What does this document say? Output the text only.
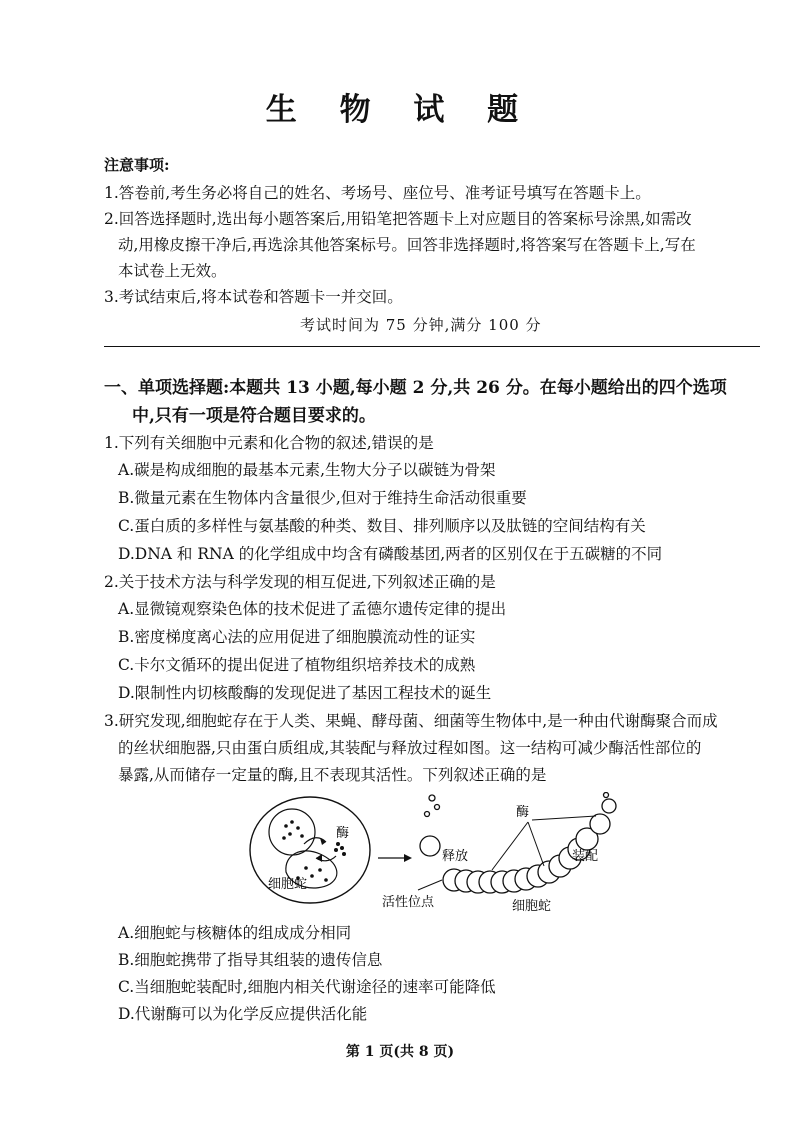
生 物 试 题
注意事项:
1.答卷前,考生务必将自己的姓名、考场号、座位号、准考证号填写在答题卡上。
2.回答选择题时,选出每小题答案后,用铅笔把答题卡上对应题目的答案标号涂黑,如需改
动,用橡皮擦干净后,再选涂其他答案标号。回答非选择题时,将答案写在答题卡上,写在
本试卷上无效。
3.考试结束后,将本试卷和答题卡一并交回。
考试时间为 75 分钟,满分 100 分
一、单项选择题:本题共 13 小题,每小题 2 分,共 26 分。在每小题给出的四个选项
中,只有一项是符合题目要求的。
1.下列有关细胞中元素和化合物的叙述,错误的是
A.碳是构成细胞的最基本元素,生物大分子以碳链为骨架
B.微量元素在生物体内含量很少,但对于维持生命活动很重要
C.蛋白质的多样性与氨基酸的种类、数目、排列顺序以及肽链的空间结构有关
D.DNA 和 RNA 的化学组成中均含有磷酸基团,两者的区别仅在于五碳糖的不同
2.关于技术方法与科学发现的相互促进,下列叙述正确的是
A.显微镜观察染色体的技术促进了孟德尔遗传定律的提出
B.密度梯度离心法的应用促进了细胞膜流动性的证实
C.卡尔文循环的提出促进了植物组织培养技术的成熟
D.限制性内切核酸酶的发现促进了基因工程技术的诞生
3.研究发现,细胞蛇存在于人类、果蝇、酵母菌、细菌等生物体中,是一种由代谢酶聚合而成
的丝状细胞器,只由蛋白质组成,其装配与释放过程如图。这一结构可减少酶活性部位的
暴露,从而储存一定量的酶,且不表现其活性。下列叙述正确的是
酶
细胞蛇
酶
释放	装配
活性位点	细胞蛇
A.细胞蛇与核糖体的组成成分相同
B.细胞蛇携带了指导其组装的遗传信息
C.当细胞蛇装配时,细胞内相关代谢途径的速率可能降低
D.代谢酶可以为化学反应提供活化能
第 1 页(共 8 页)
